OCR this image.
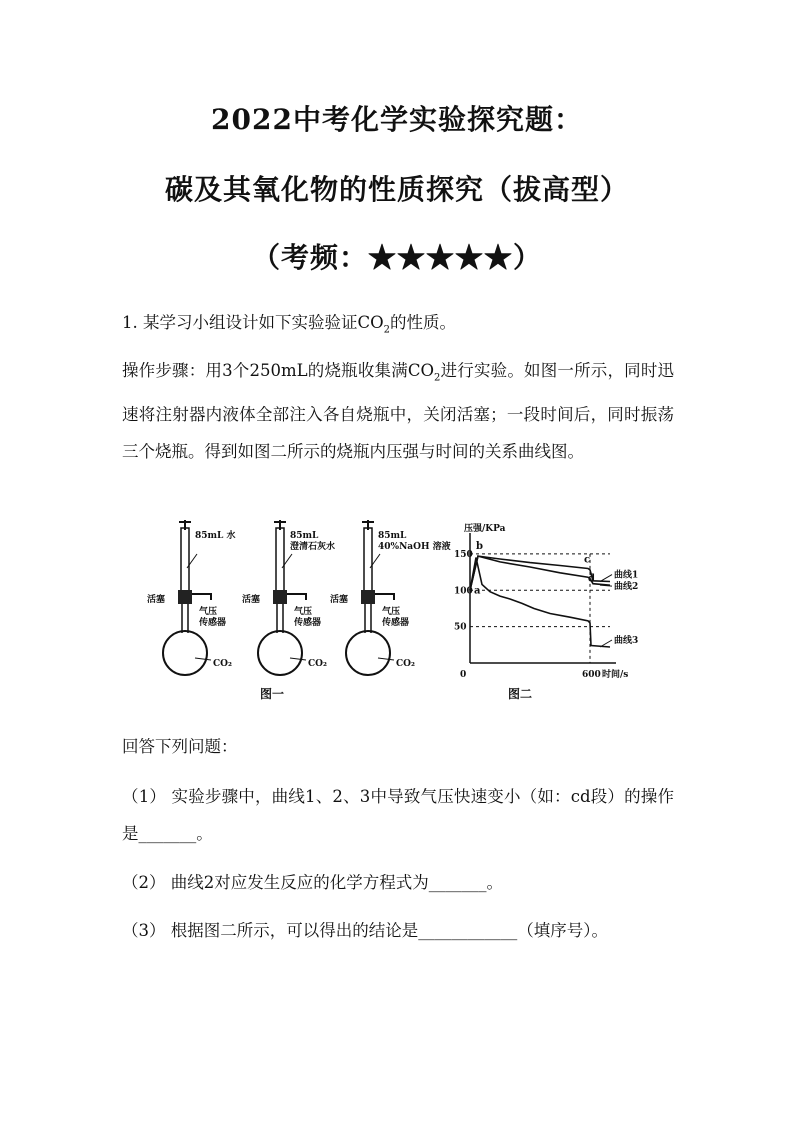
2022中考化学实验探究题：
碳及其氧化物的性质探究（拔高型）
（考频：★★★★★）
1. 某学习小组设计如下实验验证$CO_2$的性质。
操作步骤：用3个250mL的烧瓶收集满$CO_2$进行实验。如图一所示，同时迅速将注射器内液体全部注入各自烧瓶中，关闭活塞；一段时间后，同时振荡三个烧瓶。得到如图二所示的烧瓶内压强与时间的关系曲线图。
85mL 水
活塞
气压
传感器
CO₂
85mL
澄清石灰水
活塞
气压
传感器
CO₂
85mL
40%NaOH 溶液
活塞
气压
传感器
CO₂
图一
压强/KPa
时间/s
50
100
150
0	600
曲线1
曲线2
曲线3
a
b
c
d
图二
回答下列问题：
（1） 实验步骤中，曲线1、2、3中导致气压快速变小（如：cd段）的操作是_______。
（2） 曲线2对应发生反应的化学方程式为_______。
（3） 根据图二所示，可以得出的结论是____________（填序号）。
